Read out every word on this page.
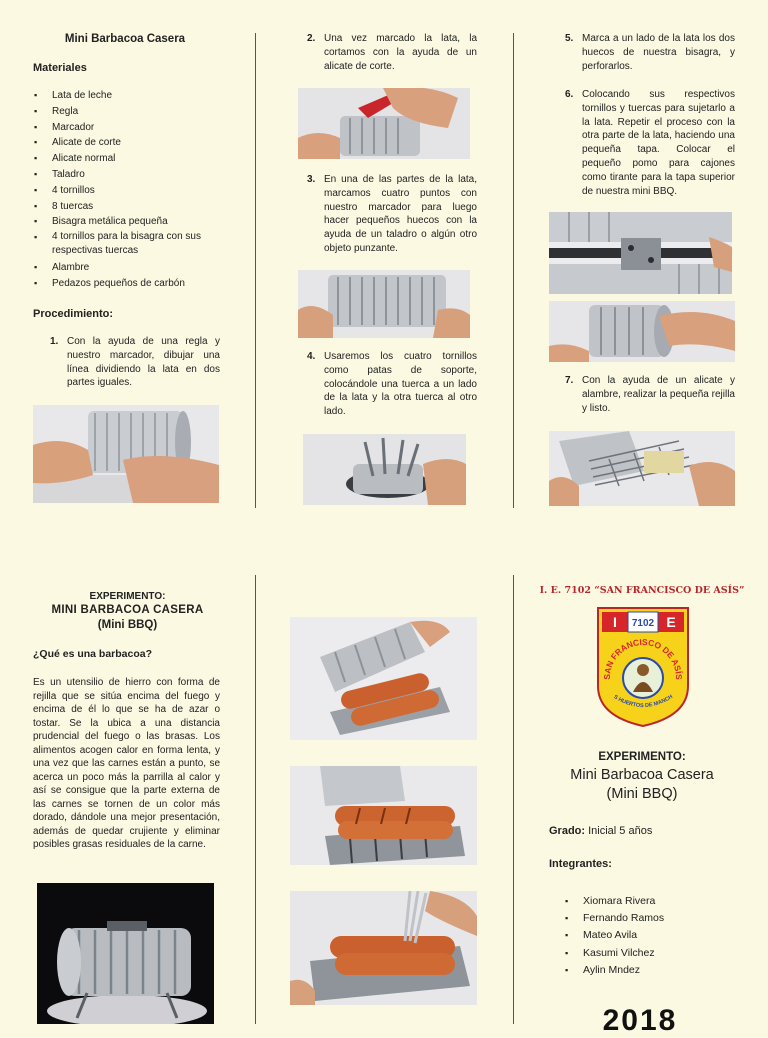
Mini Barbacoa Casera
Materiales
▪ Lata de leche
▪ Regla
▪ Marcador
▪ Alicate de corte
▪ Alicate normal
▪ Taladro
▪ 4 tornillos
▪ 8 tuercas
▪ Bisagra metálica pequeña
▪ 4 tornillos para la bisagra con sus respectivas tuercas
▪ Alambre
▪ Pedazos pequeños de carbón
Procedimiento:
1. Con la ayuda de una regla y nuestro marcador, dibujar una línea dividiendo la lata en dos partes iguales.
2. Una vez marcado la lata, la cortamos con la ayuda de un alicate de corte.
3. En una de las partes de la lata, marcamos cuatro puntos con nuestro marcador para luego hacer pequeños huecos con la ayuda de un taladro o algún otro objeto punzante.
4. Usaremos los cuatro tornillos como patas de soporte, colocándole una tuerca a un lado de la lata y la otra tuerca al otro lado.
5. Marca a un lado de la lata los dos huecos de nuestra bisagra, y perforarlos.
6. Colocando sus respectivos tornillos y tuercas para sujetarlo a la lata. Repetir el proceso con la otra parte de la lata, haciendo una pequeña tapa. Colocar el pequeño pomo para cajones como tirante para la tapa superior de nuestra mini BBQ.
7. Con la ayuda de un alicate y alambre, realizar la pequeña rejilla y listo.
EXPERIMENTO:
MINI BARBACOA CASERA
(Mini BBQ)
¿Qué es una barbacoa?
Es un utensilio de hierro con forma de rejilla que se sitúa encima del fuego y encima de él lo que se ha de azar o tostar. Se la ubica a una distancia prudencial del fuego o las brasas. Los alimentos acogen calor en forma lenta, y una vez que las carnes están a punto, se acerca un poco más la parrilla al calor y así se consigue que la parte externa de las carnes se tornen de un color más dorado, dándole una mejor presentación, además de quedar crujiente y eliminar posibles grasas residuales de la carne.
I. E. 7102 “SAN FRANCISCO DE ASÍS”
I 7102 E
SAN FRANCISCO DE ASÍS
S HUERTOS DE MANCH
EXPERIMENTO:
Mini Barbacoa Casera
(Mini BBQ)
Grado: Inicial 5 años
Integrantes:
▪ Xiomara Rivera
▪ Fernando Ramos
▪ Mateo Avila
▪ Kasumi Vilchez
▪ Aylin Mndez
2018
